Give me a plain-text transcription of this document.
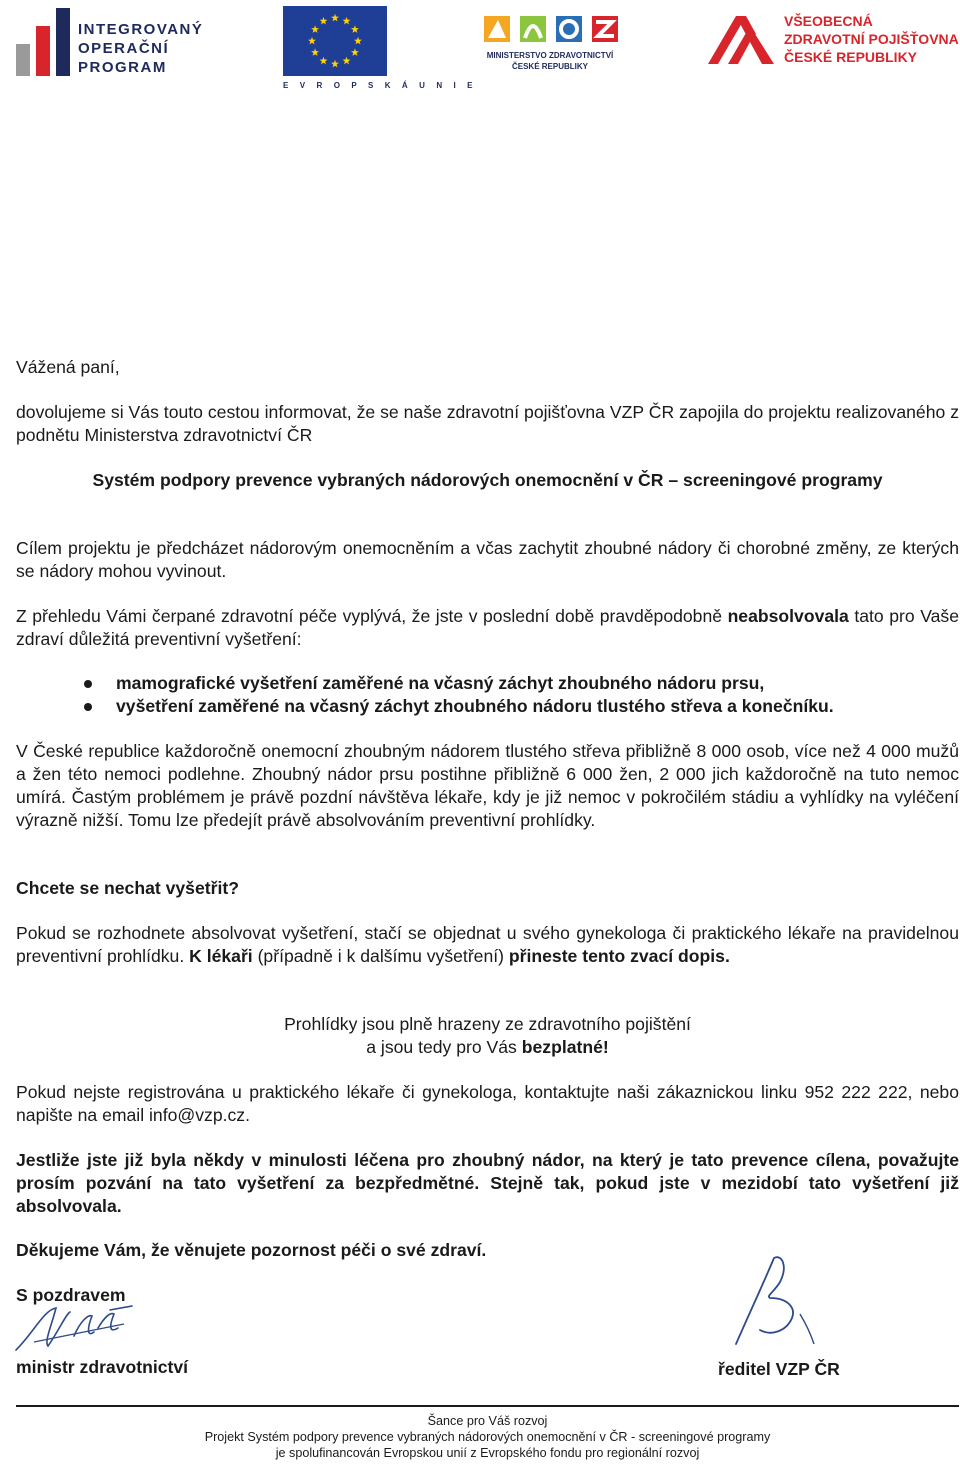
INTEGROVANÝ
OPERAČNÍ
PROGRAM
E V R O P S K Á U N I E
MINISTERSTVO ZDRAVOTNICTVÍ
ČESKÉ REPUBLIKY
VŠEOBECNÁ
ZDRAVOTNÍ POJIŠŤOVNA
ČESKÉ REPUBLIKY
Vážená paní,
dovolujeme si Vás touto cestou informovat, že se naše zdravotní pojišťovna VZP ČR zapojila do projektu realizovaného z podnětu Ministerstva zdravotnictví ČR
Systém podpory prevence vybraných nádorových onemocnění v ČR – screeningové programy
Cílem projektu je předcházet nádorovým onemocněním a včas zachytit zhoubné nádory či chorobné změny, ze kterých se nádory mohou vyvinout.
Z přehledu Vámi čerpané zdravotní péče vyplývá, že jste v poslední době pravděpodobně neabsolvovala tato pro Vaše zdraví důležitá preventivní vyšetření:
mamografické vyšetření zaměřené na včasný záchyt zhoubného nádoru prsu,
vyšetření zaměřené na včasný záchyt zhoubného nádoru tlustého střeva a konečníku.
V České republice každoročně onemocní zhoubným nádorem tlustého střeva přibližně 8 000 osob, více než 4 000 mužů a žen této nemoci podlehne. Zhoubný nádor prsu postihne přibližně 6 000 žen, 2 000 jich každoročně na tuto nemoc umírá. Častým problémem je právě pozdní návštěva lékaře, kdy je již nemoc v pokročilém stádiu a vyhlídky na vyléčení výrazně nižší. Tomu lze předejít právě absolvováním preventivní prohlídky.
Chcete se nechat vyšetřit?
Pokud se rozhodnete absolvovat vyšetření, stačí se objednat u svého gynekologa či praktického lékaře na pravidelnou preventivní prohlídku. K lékaři (případně i k dalšímu vyšetření) přineste tento zvací dopis.
Prohlídky jsou plně hrazeny ze zdravotního pojištění
a jsou tedy pro Vás bezplatné!
Pokud nejste registrována u praktického lékaře či gynekologa, kontaktujte naši zákaznickou linku 952 222 222, nebo napište na email info@vzp.cz.
Jestliže jste již byla někdy v minulosti léčena pro zhoubný nádor, na který je tato prevence cílena, považujte prosím pozvání na tato vyšetření za bezpředmětné. Stejně tak, pokud jste v mezidobí tato vyšetření již absolvovala.
Děkujeme Vám, že věnujete pozornost péči o své zdraví.
S pozdravem
ministr zdravotnictví	ředitel VZP ČR
Šance pro Váš rozvoj
Projekt Systém podpory prevence vybraných nádorových onemocnění v ČR - screeningové programy
je spolufinancován Evropskou unií z Evropského fondu pro regionální rozvoj
